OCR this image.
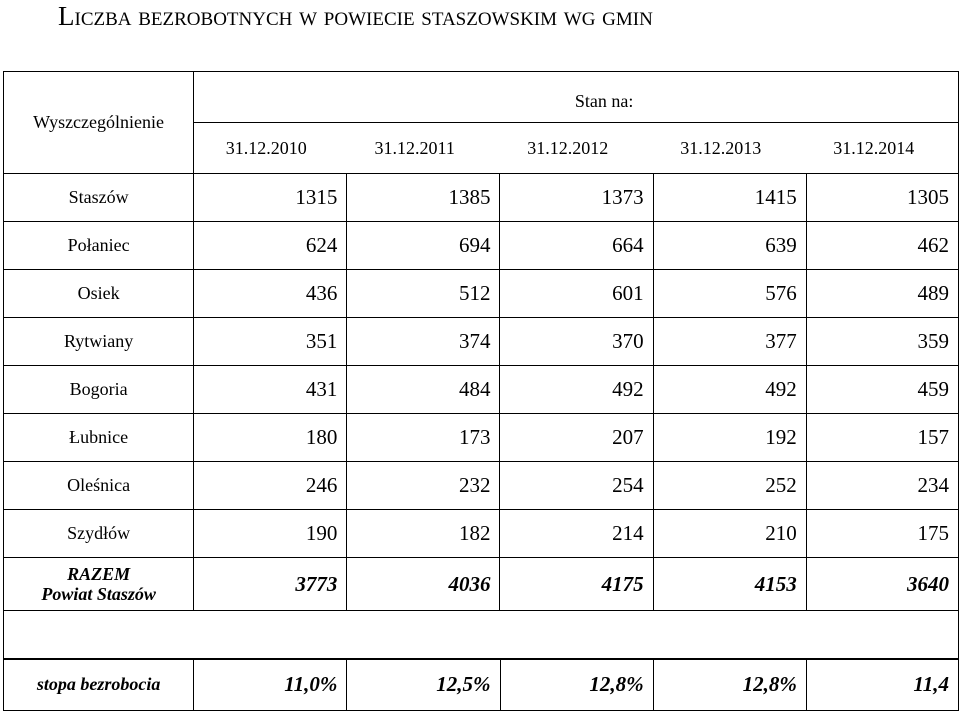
Liczba bezrobotnych w powiecie staszowskim wg gmin
Wyszczególnienie	Stan na:				
	31.12.2010 31.12.2011 31.12.2012 31.12.2013 31.12.2014				
Staszów	1315	1385	1373	1415	1305
Połaniec	624	694	664	639	462
Osiek	436	512	601	576	489
Rytwiany	351	374	370	377	359
Bogoria	431	484	492	492	459
Łubnice	180	173	207	192	157
Oleśnica	246	232	254	252	234
Szydłów	190	182	214	210	175

RAZEM
Powiat Staszów	3773	4036	4175	4153	3640

stopa bezrobocia	11,0%	12,5%	12,8%	12,8%	11,4
